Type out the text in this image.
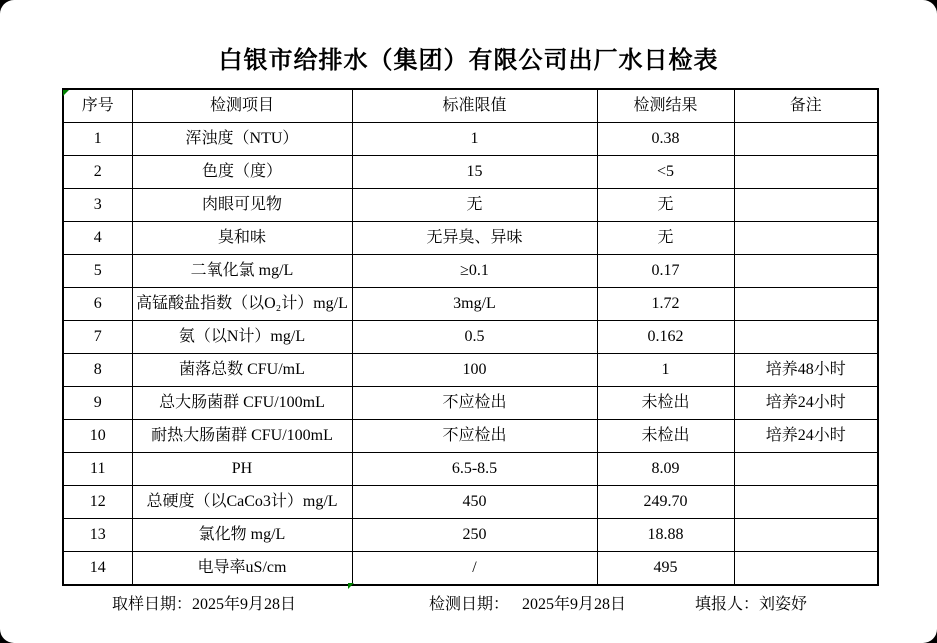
白银市给排水（集团）有限公司出厂水日检表
序号	检测项目	标准限值	检测结果	备注
1	浑浊度（NTU）	1	0.38	
2	色度（度）	15	<5	
3	肉眼可见物	无	无	
4	臭和味	无异臭、异味	无	
5	二氧化氯 mg/L	≥0.1	0.17	
6	高锰酸盐指数（以O₂计）mg/L	3mg/L	1.72	
7	氨（以N计）mg/L	0.5	0.162	
8	菌落总数 CFU/mL	100	1	培养48小时
9	总大肠菌群 CFU/100mL	不应检出	未检出	培养24小时
10	耐热大肠菌群 CFU/100mL	不应检出	未检出	培养24小时
11	PH	6.5-8.5	8.09	
12	总硬度（以CaCo3计）mg/L	450	249.70	
13	氯化物 mg/L	250	18.88	
14	电导率uS/cm	/	495	
取样日期：2025年9月28日	检测日期： 2025年9月28日	填报人：刘姿妤
